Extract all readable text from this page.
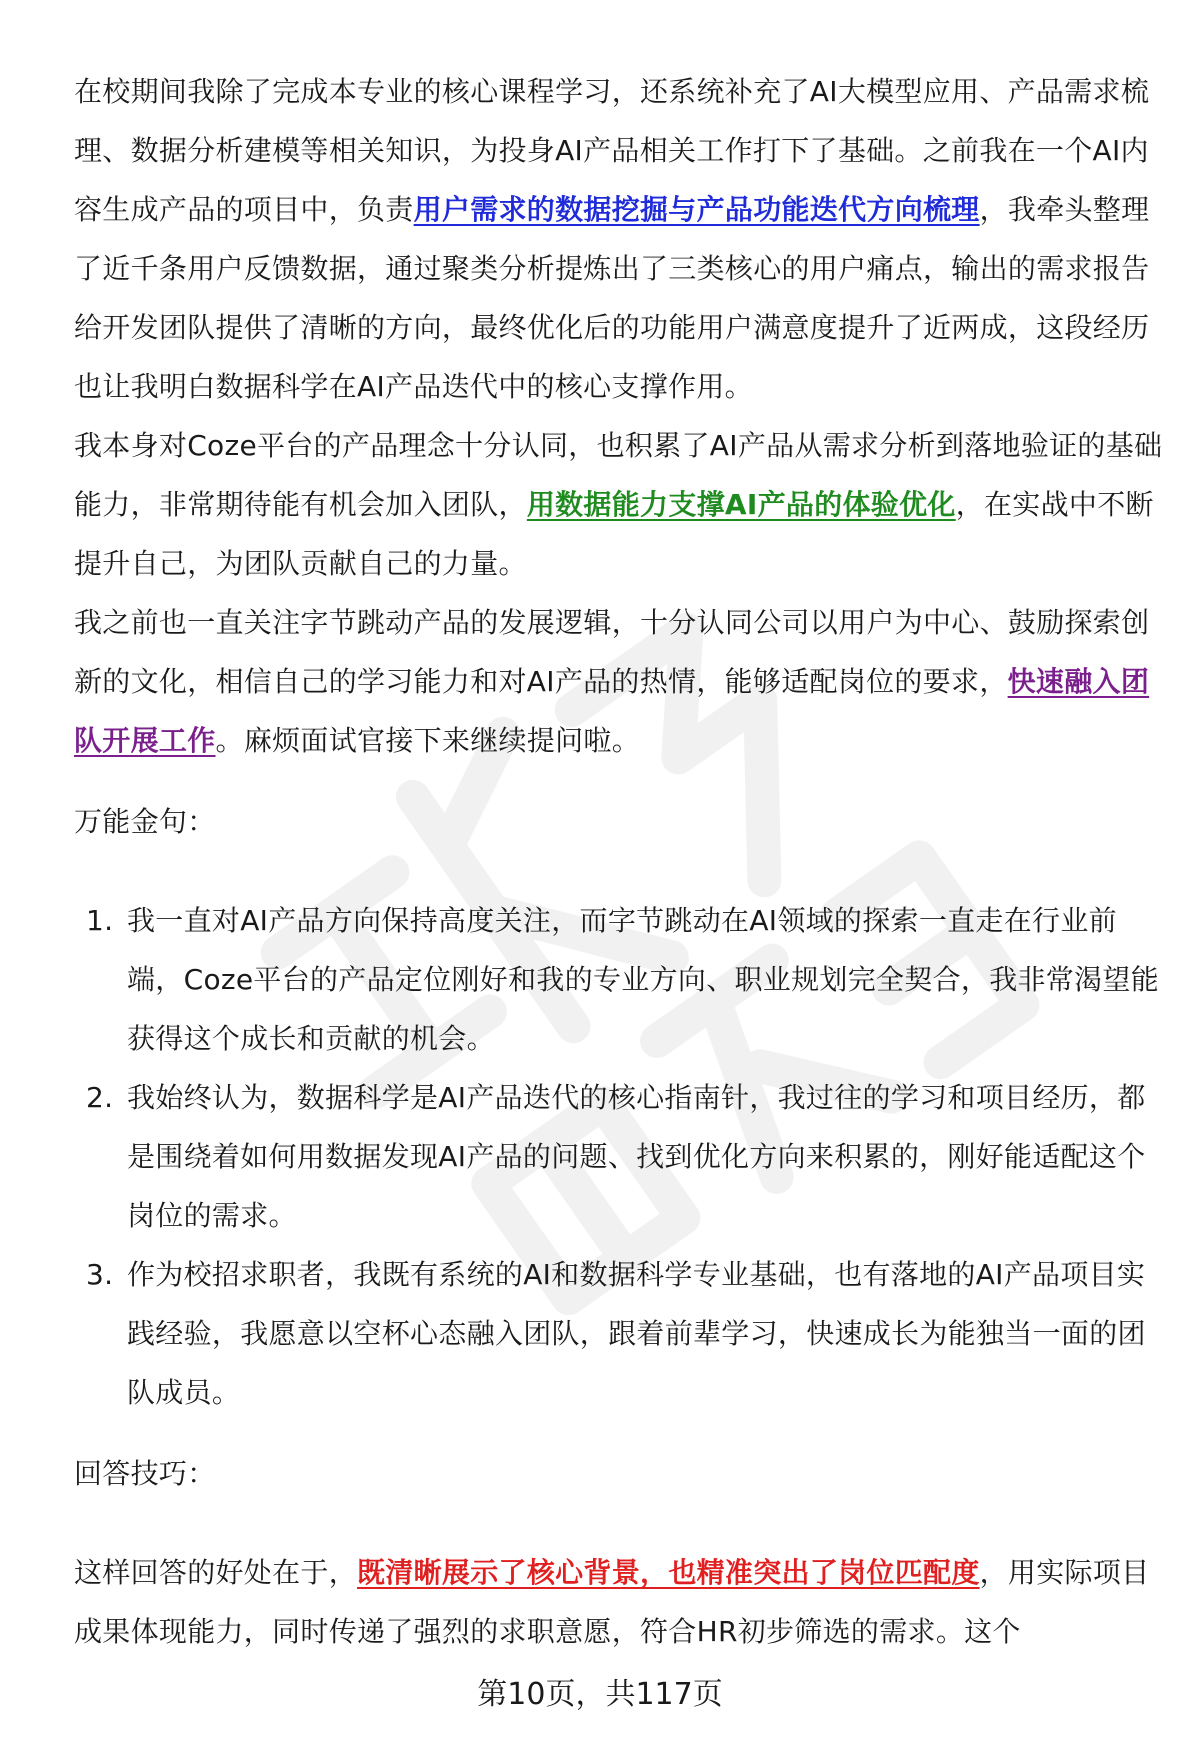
在校期间我除了完成本专业的核心课程学习，还系统补充了AI大模型应用、产品需求梳理、数据分析建模等相关知识，为投身AI产品相关工作打下了基础。之前我在一个AI内容生成产品的项目中，负责用户需求的数据挖掘与产品功能迭代方向梳理，我牵头整理了近千条用户反馈数据，通过聚类分析提炼出了三类核心的用户痛点，输出的需求报告给开发团队提供了清晰的方向，最终优化后的功能用户满意度提升了近两成，这段经历也让我明白数据科学在AI产品迭代中的核心支撑作用。

我本身对Coze平台的产品理念十分认同，也积累了AI产品从需求分析到落地验证的基础能力，非常期待能有机会加入团队，用数据能力支撑AI产品的体验优化，在实战中不断提升自己，为团队贡献自己的力量。

我之前也一直关注字节跳动产品的发展逻辑，十分认同公司以用户为中心、鼓励探索创新的文化，相信自己的学习能力和对AI产品的热情，能够适配岗位的要求，快速融入团队开展工作。麻烦面试官接下来继续提问啦。

万能金句：

1. 我一直对AI产品方向保持高度关注，而字节跳动在AI领域的探索一直走在行业前端，Coze平台的产品定位刚好和我的专业方向、职业规划完全契合，我非常渴望能获得这个成长和贡献的机会。
2. 我始终认为，数据科学是AI产品迭代的核心指南针，我过往的学习和项目经历，都是围绕着如何用数据发现AI产品的问题、找到优化方向来积累的，刚好能适配这个岗位的需求。
3. 作为校招求职者，我既有系统的AI和数据科学专业基础，也有落地的AI产品项目实践经验，我愿意以空杯心态融入团队，跟着前辈学习，快速成长为能独当一面的团队成员。

回答技巧：

这样回答的好处在于，既清晰展示了核心背景，也精准突出了岗位匹配度，用实际项目成果体现能力，同时传递了强烈的求职意愿，符合HR初步筛选的需求。这个

第10页，共117页
